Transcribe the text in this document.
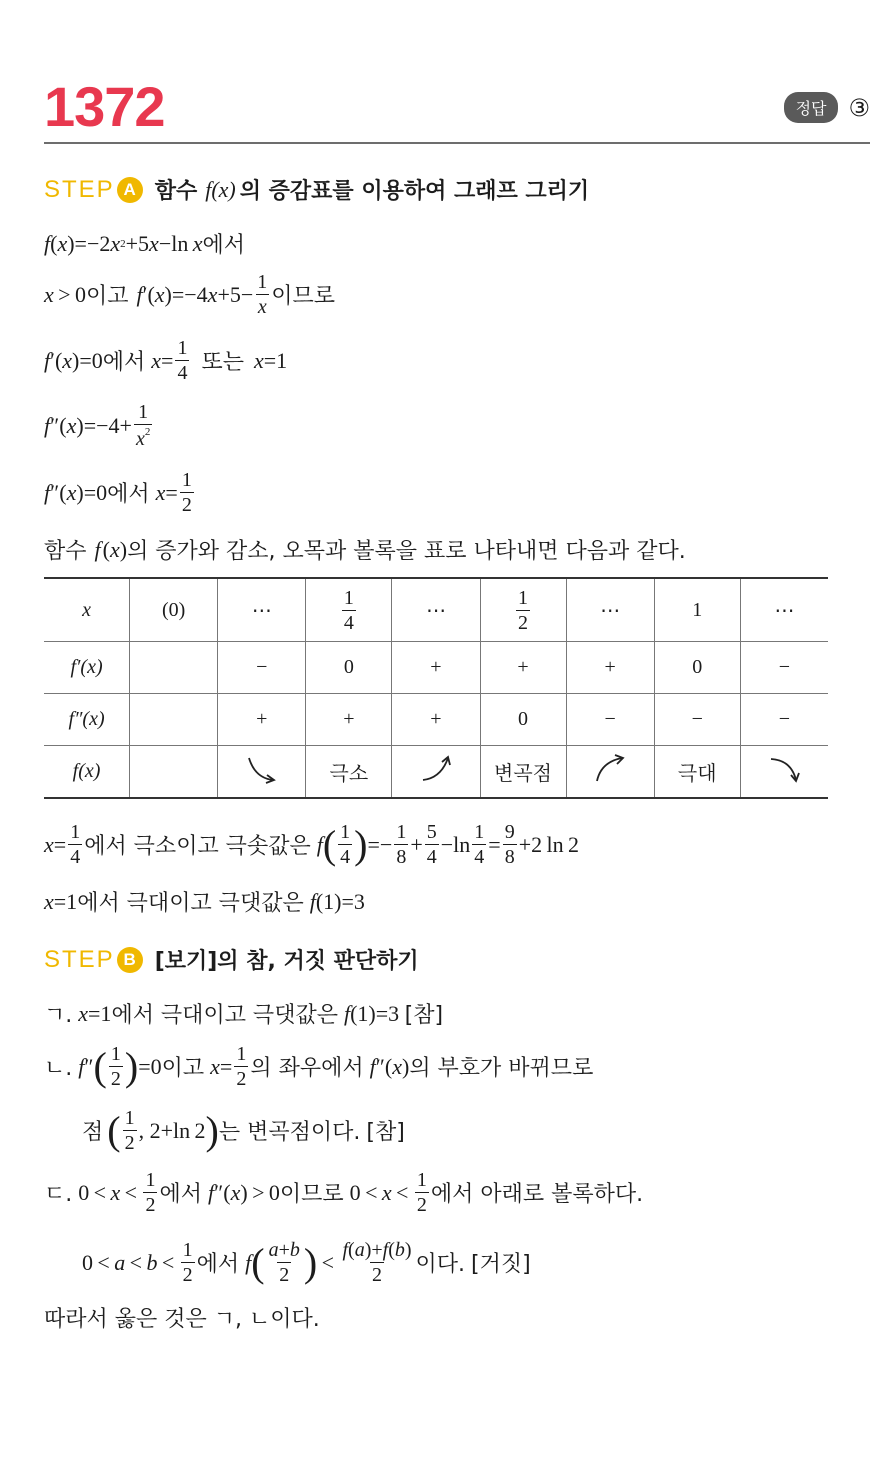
1372	정답 ③
STEP A 함수 f(x) 의 증감표를 이용하여 그래프 그리기
f ( x )=−2 x 2 +5 x −ln  x 에서
x  > 0 이고 f ′( x )=−4 $x +5- \frac{1}{x}$ 이므로
f ′( x )=0 에서 $x = \frac{1}{4}$ 또는 x =1
f ″( x )$=-4+ \frac{1}{x^2}$
f ″( x )=0 에서 $x = \frac{1}{2}$
함수 f ( x ) 의 증가와 감소, 오목과 볼록을 표로 나타내면 다음과 같다.
x	(0)	⋯	$\frac{1}{4}$	⋯	$\frac{1}{2}$	⋯	1	⋯
f′(x)		−	0	+	+	+	0	−
f″(x)		+	+	+	0	−	−	−
f(x)			극소		변곡점		극대	
$x = \frac{1}{4}$ 에서 극소이고 극솟값은 f ( $\frac{1}{4}$ ) =− $\frac{1}{8} + \frac{5}{4} -\ln \frac{1}{4} = \frac{9}{8} +2$ ln 2
x =1 에서 극대이고 극댓값은 f (1)=3
STEP B [보기]의 참, 거짓 판단하기
ㄱ. x =1 에서 극대이고 극댓값은 f (1)=3 [참]
ㄴ. f ″ ( $\frac{1}{2}$ ) =0 이고 $x = \frac{1}{2}$ 의 좌우에서 f ″( x ) 의 부호가 바뀌므로
점 ( $\frac{1}{2}$ , 2+ln 2 ) 는 변곡점이다. [참]
ㄷ. $0 < x < \frac{1}{2}$ 에서 f ″( x ) > 0 이므로 $0 < x < \frac{1}{2}$ 에서 아래로 볼록하다.
$0 < a < b < \frac{1}{2}$ 에서 f ( $\frac{a+b}{2}$ )  <  $\frac{f(a)+f(b)}{2}$ 이다. [거짓]
따라서 옳은 것은 ㄱ, ㄴ이다.
